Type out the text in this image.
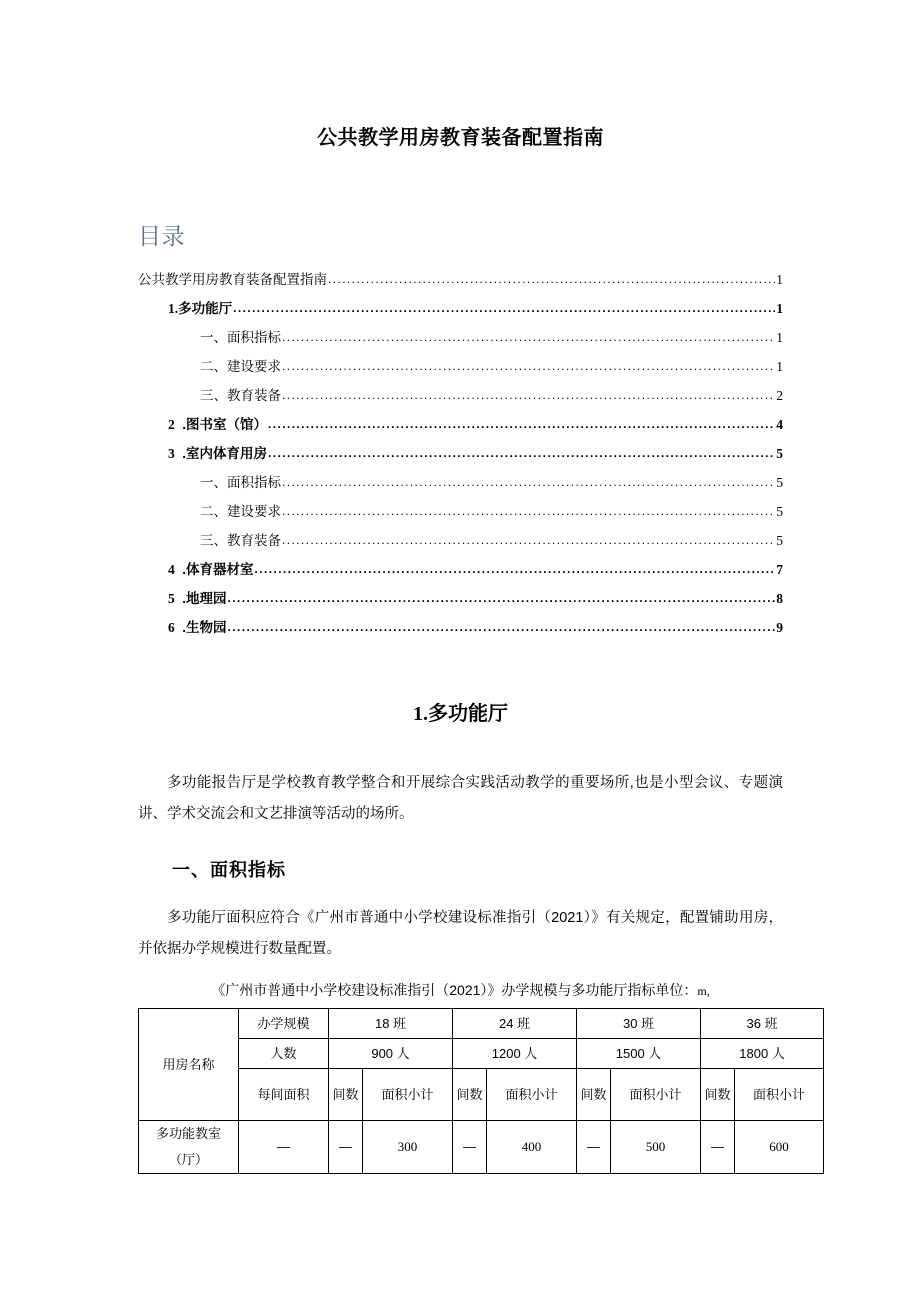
公共教学用房教育装备配置指南
目录
公共教学用房教育装备配置指南 .....	1
1.多功能厅 .....	1
一、面积指标 .....	1
二、建设要求 .....	1
三、教育装备 .....	2
2 .图书室（馆） .....	4
3 .室内体育用房 .....	5
一、面积指标 .....	5
二、建设要求 .....	5
三、教育装备 .....	5
4 .体育器材室 .....	7
5 .地理园 .....	8
6 .生物园 .....	9
1.多功能厅
多功能报告厅是学校教育教学整合和开展综合实践活动教学的重要场所,也是小型会议、专题演讲、学术交流会和文艺排演等活动的场所。
一、面积指标
多功能厅面积应符合《广州市普通中小学校建设标准指引（2021）》有关规定，配置铺助用房，并依据办学规模进行数量配置。
《广州市普通中小学校建设标准指引（2021）》办学规模与多功能厅指标单位：m,
用房名称	办学规模	18 班		24 班		30 班		36 班	
	人数	900 人		1200 人		1500 人		1800 人	
	每间面积	间数	面积小计	间数	面积小计	间数	面积小计	间数	面积小计
多功能教室（厅）	—	—	300	—	400	—	500	—	600
